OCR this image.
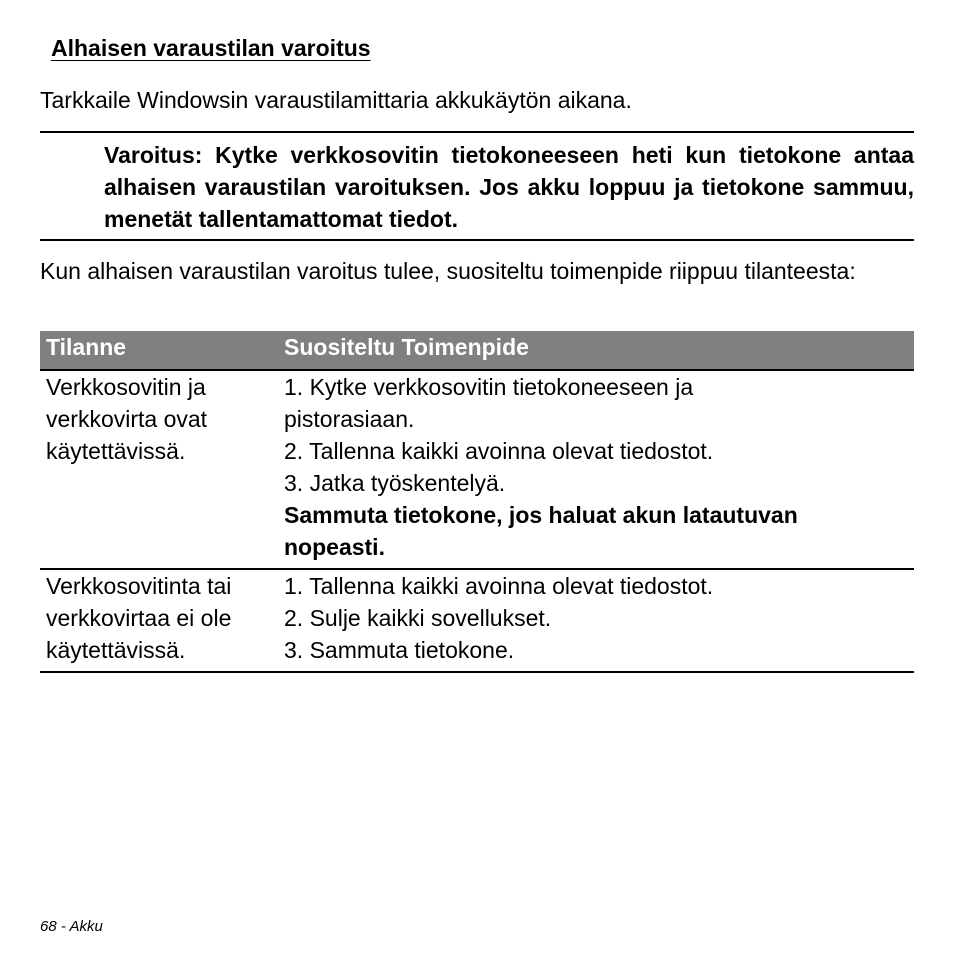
Alhaisen varaustilan varoitus

Tarkkaile Windowsin varaustilamittaria akkukäytön aikana.

Varoitus: Kytke verkkosovitin tietokoneeseen heti kun tietokone antaa alhaisen varaustilan varoituksen. Jos akku loppuu ja tietokone sammuu, menetät tallentamattomat tiedot.

Kun alhaisen varaustilan varoitus tulee, suositeltu toimenpide riippuu tilanteesta:

Tilanne	Suositeltu Toimenpide
Verkkosovitin ja
verkkovirta ovat
käytettävissä.
1. Kytke verkkosovitin tietokoneeseen ja
pistorasiaan.
2. Tallenna kaikki avoinna olevat tiedostot.
3. Jatka työskentelyä.
Sammuta tietokone, jos haluat akun latautuvan
nopeasti.
Verkkosovitinta tai
verkkovirtaa ei ole
käytettävissä.
1. Tallenna kaikki avoinna olevat tiedostot.
2. Sulje kaikki sovellukset.
3. Sammuta tietokone.
68 - Akku
